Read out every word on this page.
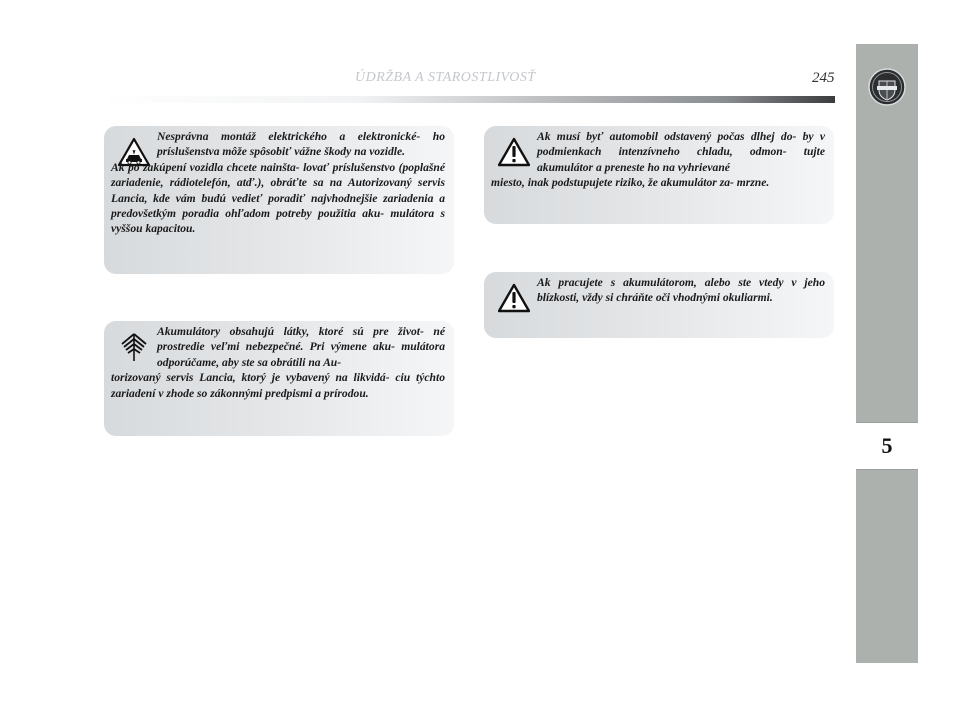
ÚDRŽBA A STAROSTLIVOSŤ	245
5

Nesprávna montáž elektrického a elektronické- ho príslušenstva môže spôsobiť vážne škody na vozidle.
Ak po zakúpení vozidla chcete nainšta- lovať príslušenstvo (poplašné zariadenie, rádiotelefón, atď.), obráťte sa na Autorizovaný servis Lancia, kde vám budú vedieť poradiť najvhodnejšie zariadenia a predovšetkým poradia ohľadom potreby použitia aku- mulátora s vyššou kapacitou.

Akumulátory obsahujú látky, ktoré sú pre život- né prostredie veľmi nebezpečné. Pri výmene aku- mulátora odporúčame, aby ste sa obrátili na Au-
torizovaný servis Lancia, ktorý je vybavený na likvidá- ciu týchto zariadení v zhode so zákonnými predpismi a prírodou.

Ak musí byť automobil odstavený počas dlhej do- by v podmienkach intenzívneho chladu, odmon- tujte akumulátor a preneste ho na vyhrievané
miesto, inak podstupujete riziko, že akumulátor za- mrzne.

Ak pracujete s akumulátorom, alebo ste vtedy v jeho blízkosti, vždy si chráňte oči vhodnými okuliarmi.
